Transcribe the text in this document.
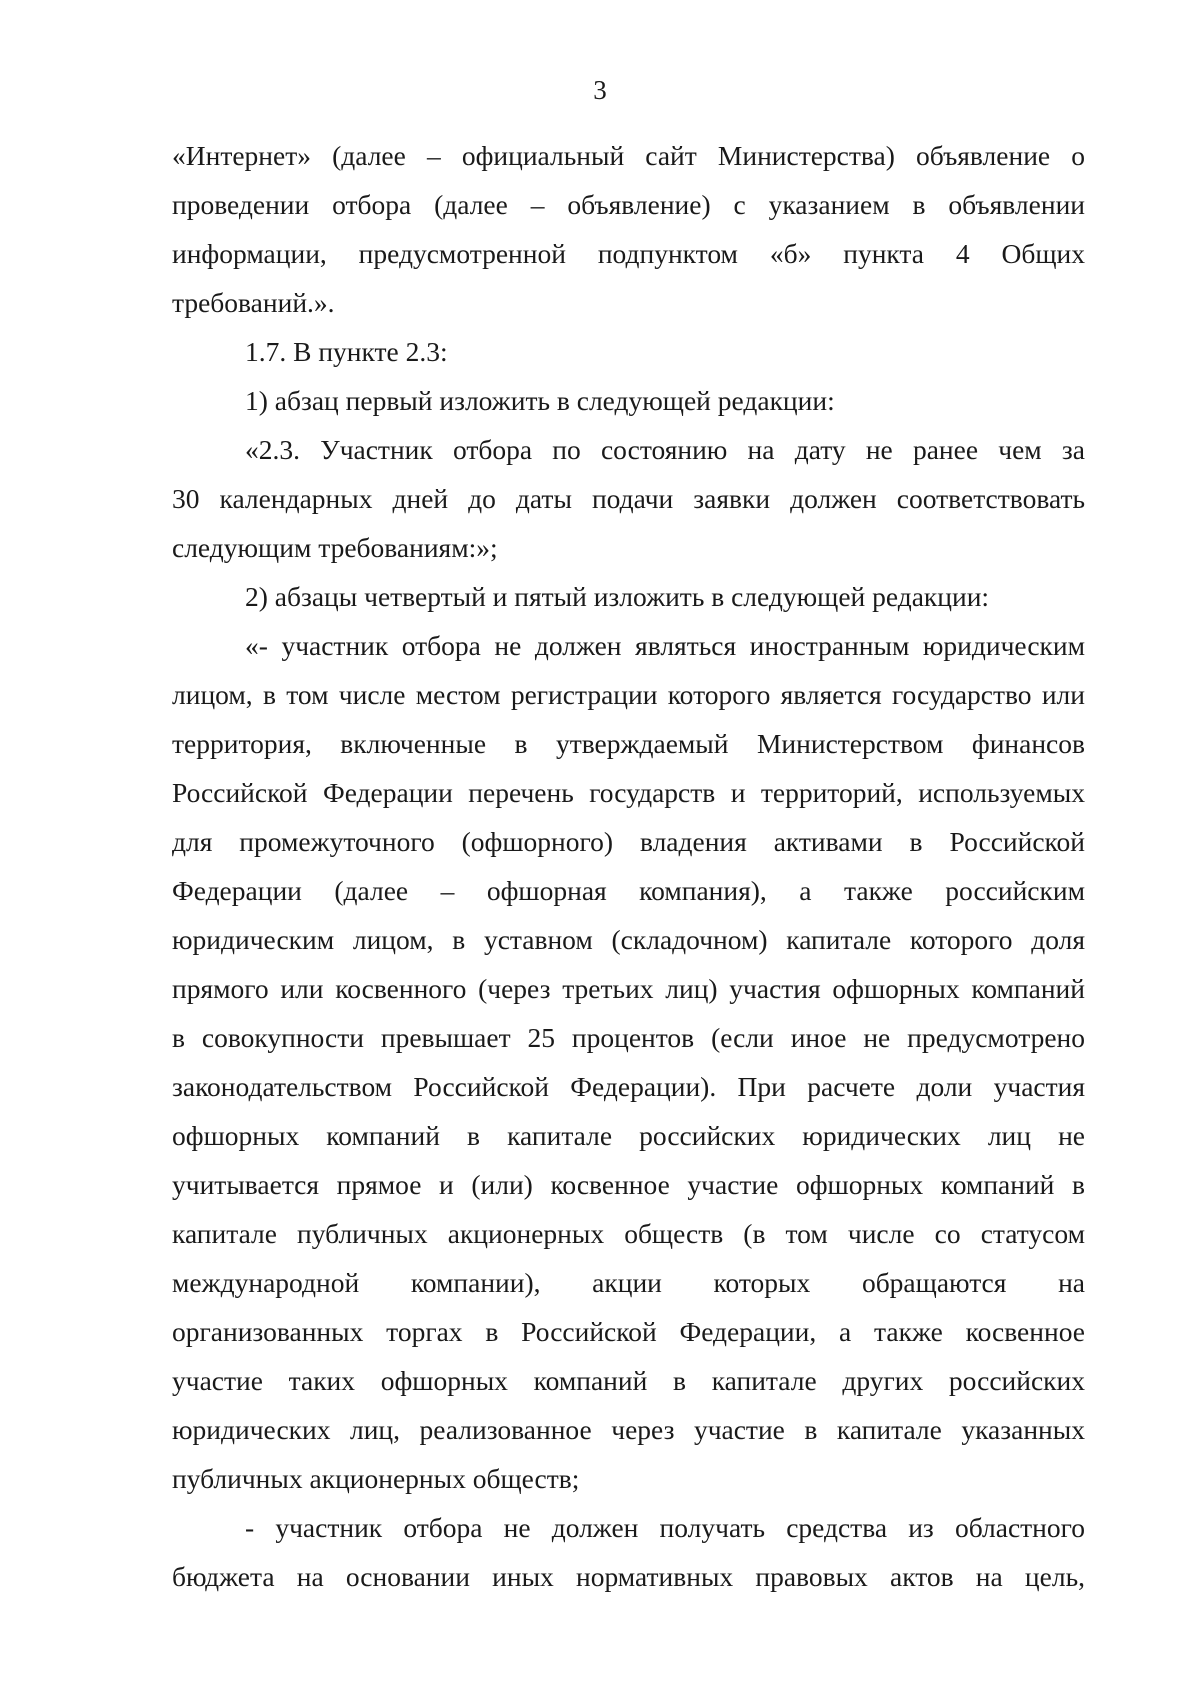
3
«Интернет» (далее – официальный сайт Министерства) объявление о
проведении отбора (далее – объявление) с указанием в объявлении
информации, предусмотренной подпунктом «б» пункта 4 Общих
требований.».
1.7. В пункте 2.3:
1) абзац первый изложить в следующей редакции:
«2.3. Участник отбора по состоянию на дату не ранее чем за
30 календарных дней до даты подачи заявки должен соответствовать
следующим требованиям:»;
2) абзацы четвертый и пятый изложить в следующей редакции:
«- участник отбора не должен являться иностранным юридическим
лицом, в том числе местом регистрации которого является государство или
территория, включенные в утверждаемый Министерством финансов
Российской Федерации перечень государств и территорий, используемых
для промежуточного (офшорного) владения активами в Российской
Федерации (далее – офшорная компания), а также российским
юридическим лицом, в уставном (складочном) капитале которого доля
прямого или косвенного (через третьих лиц) участия офшорных компаний
в совокупности превышает 25 процентов (если иное не предусмотрено
законодательством Российской Федерации). При расчете доли участия
офшорных компаний в капитале российских юридических лиц не
учитывается прямое и (или) косвенное участие офшорных компаний в
капитале публичных акционерных обществ (в том числе со статусом
международной компании), акции которых обращаются на
организованных торгах в Российской Федерации, а также косвенное
участие таких офшорных компаний в капитале других российских
юридических лиц, реализованное через участие в капитале указанных
публичных акционерных обществ;
- участник отбора не должен получать средства из областного
бюджета на основании иных нормативных правовых актов на цель,
